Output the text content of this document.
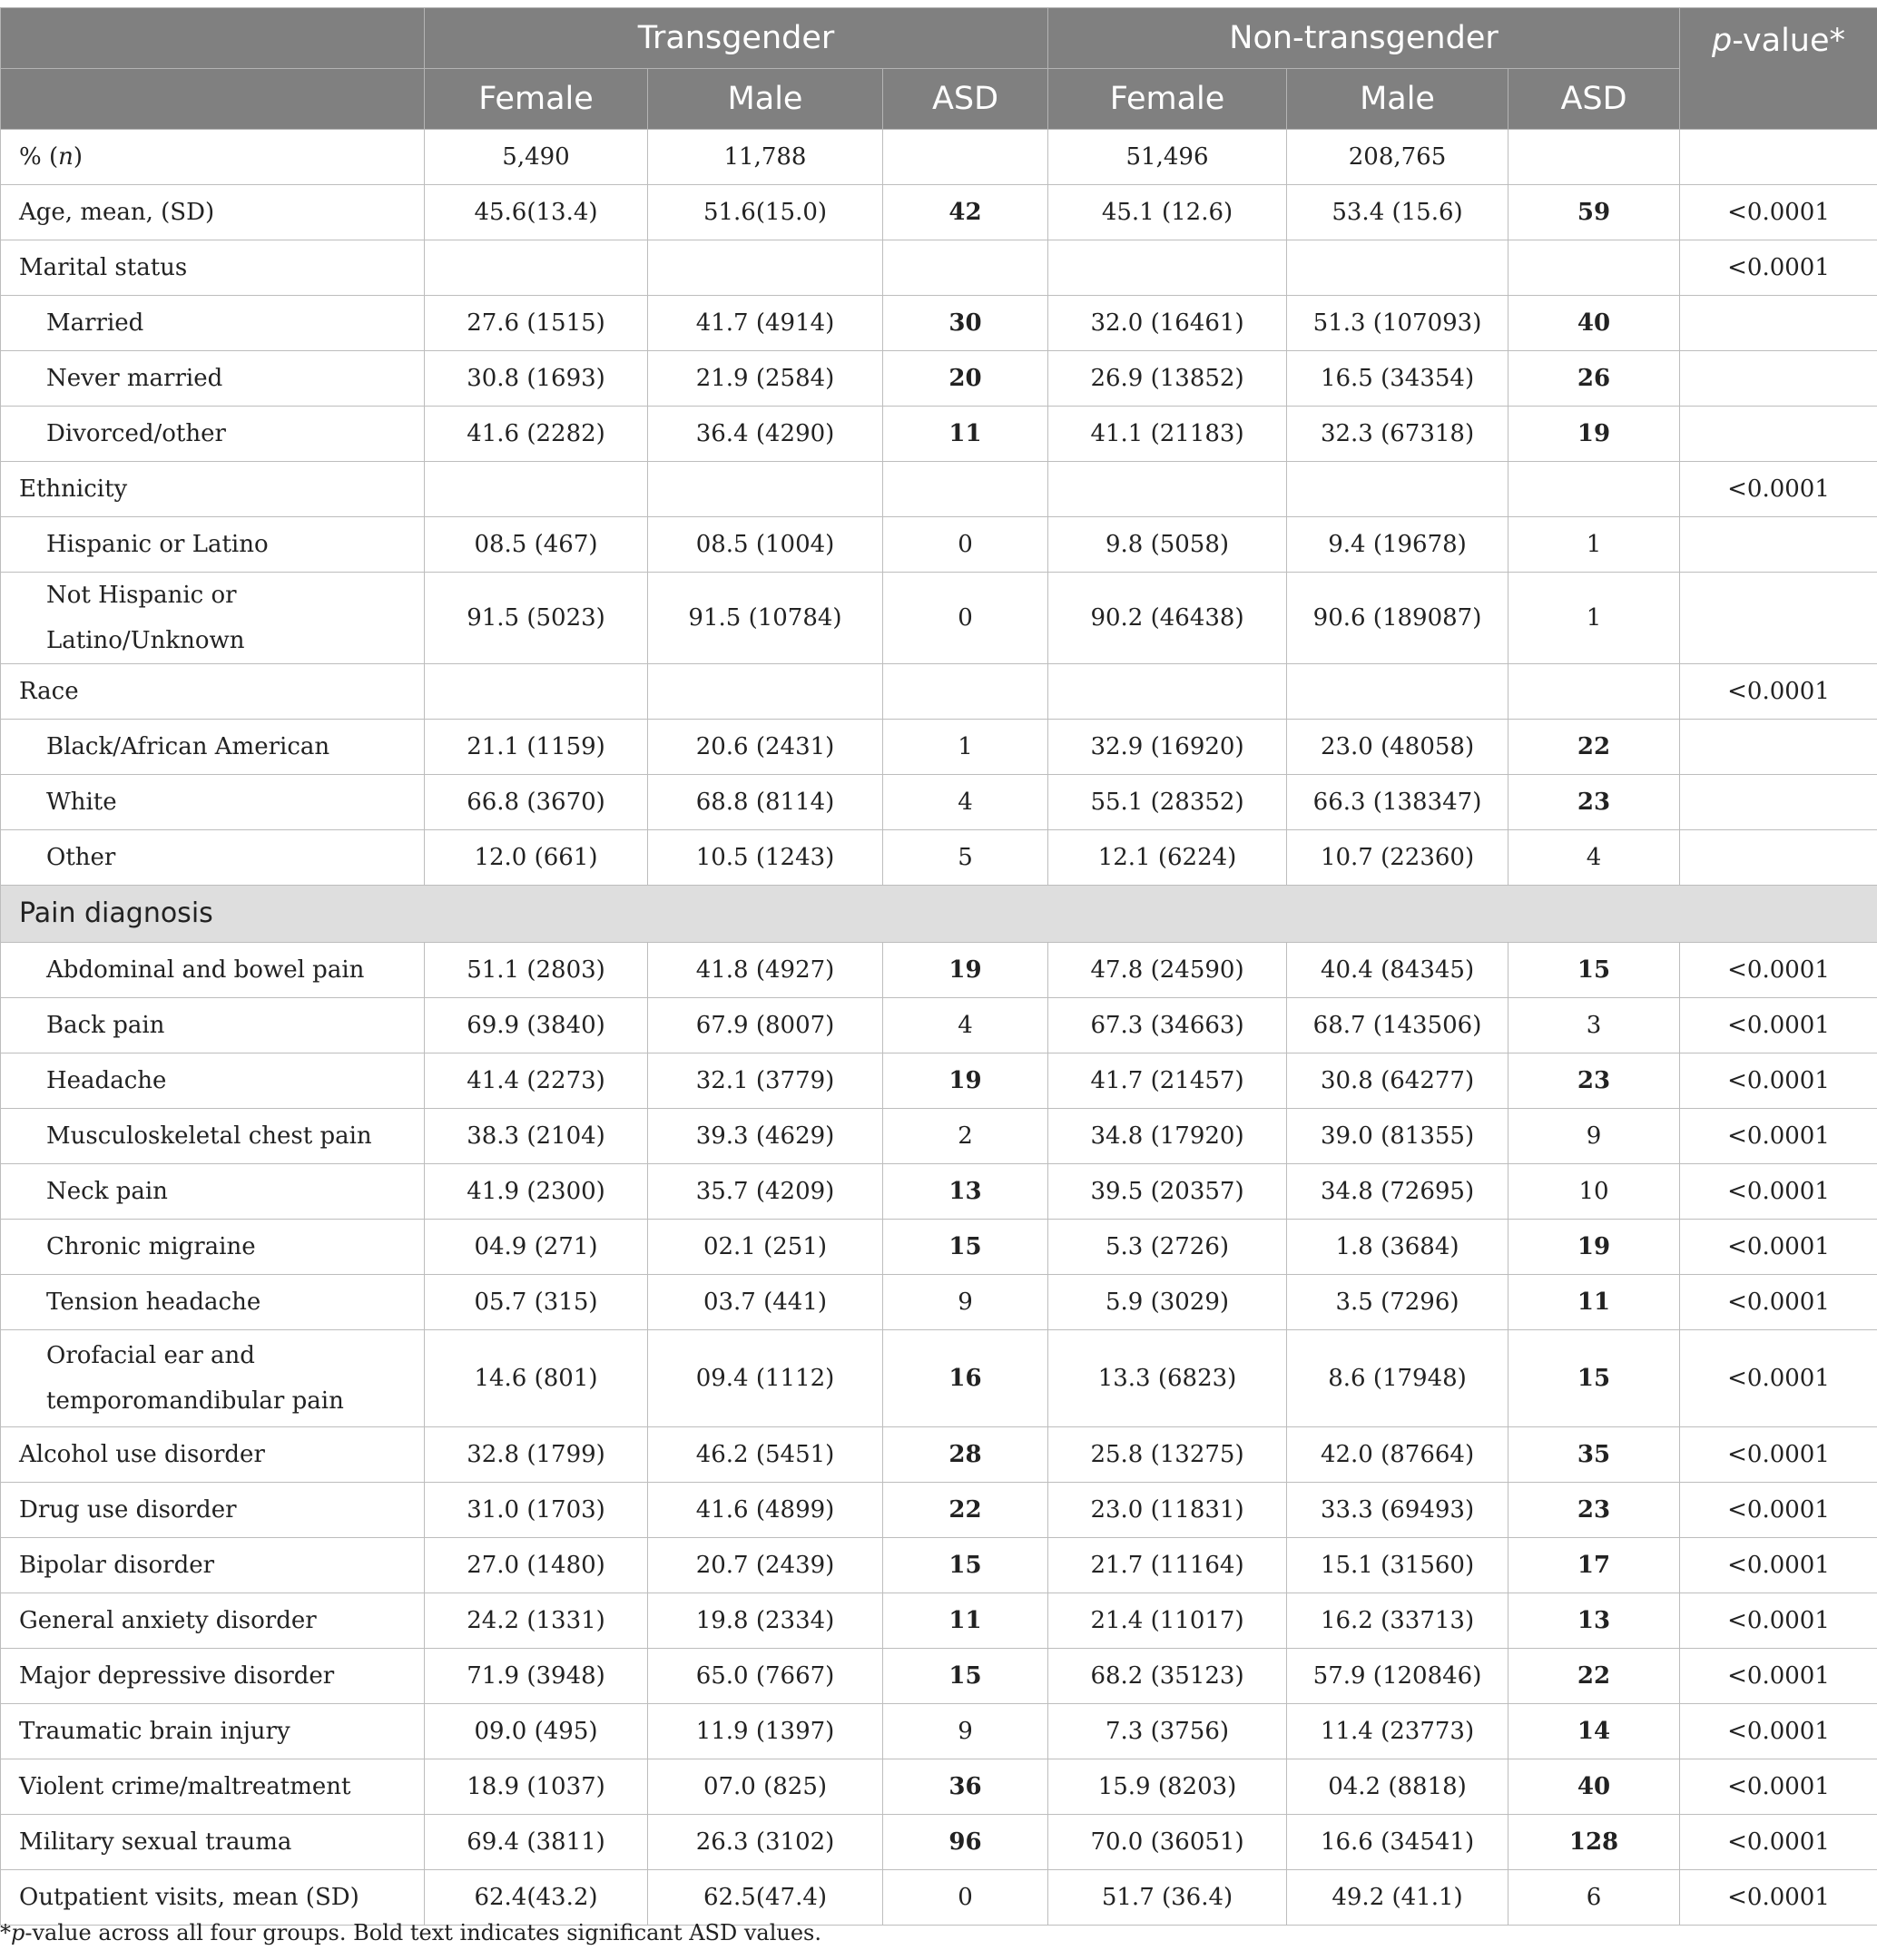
	Transgender			Non-transgender			p-value*
	Female	Male	ASD	Female	Male	ASD	
% (n)	5,490	11,788		51,496	208,765		
Age, mean, (SD)	45.6(13.4)	51.6(15.0)	42	45.1 (12.6)	53.4 (15.6)	59	<0.0001
Marital status							<0.0001
Married	27.6 (1515)	41.7 (4914)	30	32.0 (16461)	51.3 (107093)	40	
Never married	30.8 (1693)	21.9 (2584)	20	26.9 (13852)	16.5 (34354)	26	
Divorced/other	41.6 (2282)	36.4 (4290)	11	41.1 (21183)	32.3 (67318)	19	
Ethnicity							<0.0001
Hispanic or Latino	08.5 (467)	08.5 (1004)	0	9.8 (5058)	9.4 (19678)	1	
Not Hispanic or Latino/Unknown	91.5 (5023)	91.5 (10784)	0	90.2 (46438)	90.6 (189087)	1	
Race							<0.0001
Black/African American	21.1 (1159)	20.6 (2431)	1	32.9 (16920)	23.0 (48058)	22	
White	66.8 (3670)	68.8 (8114)	4	55.1 (28352)	66.3 (138347)	23	
Other	12.0 (661)	10.5 (1243)	5	12.1 (6224)	10.7 (22360)	4	
Pain diagnosis							
Abdominal and bowel pain	51.1 (2803)	41.8 (4927)	19	47.8 (24590)	40.4 (84345)	15	<0.0001
Back pain	69.9 (3840)	67.9 (8007)	4	67.3 (34663)	68.7 (143506)	3	<0.0001
Headache	41.4 (2273)	32.1 (3779)	19	41.7 (21457)	30.8 (64277)	23	<0.0001
Musculoskeletal chest pain	38.3 (2104)	39.3 (4629)	2	34.8 (17920)	39.0 (81355)	9	<0.0001
Neck pain	41.9 (2300)	35.7 (4209)	13	39.5 (20357)	34.8 (72695)	10	<0.0001
Chronic migraine	04.9 (271)	02.1 (251)	15	5.3 (2726)	1.8 (3684)	19	<0.0001
Tension headache	05.7 (315)	03.7 (441)	9	5.9 (3029)	3.5 (7296)	11	<0.0001
Orofacial ear and
temporomandibular pain	14.6 (801)	09.4 (1112)	16	13.3 (6823)	8.6 (17948)	15	<0.0001
Alcohol use disorder	32.8 (1799)	46.2 (5451)	28	25.8 (13275)	42.0 (87664)	35	<0.0001
Drug use disorder	31.0 (1703)	41.6 (4899)	22	23.0 (11831)	33.3 (69493)	23	<0.0001
Bipolar disorder	27.0 (1480)	20.7 (2439)	15	21.7 (11164)	15.1 (31560)	17	<0.0001
General anxiety disorder	24.2 (1331)	19.8 (2334)	11	21.4 (11017)	16.2 (33713)	13	<0.0001
Major depressive disorder	71.9 (3948)	65.0 (7667)	15	68.2 (35123)	57.9 (120846)	22	<0.0001
Traumatic brain injury	09.0 (495)	11.9 (1397)	9	7.3 (3756)	11.4 (23773)	14	<0.0001
Violent crime/maltreatment	18.9 (1037)	07.0 (825)	36	15.9 (8203)	04.2 (8818)	40	<0.0001
Military sexual trauma	69.4 (3811)	26.3 (3102)	96	70.0 (36051)	16.6 (34541)	128	<0.0001
Outpatient visits, mean (SD)	62.4(43.2)	62.5(47.4)	0	51.7 (36.4)	49.2 (41.1)	6	<0.0001
*p-value across all four groups. Bold text indicates significant ASD values.
